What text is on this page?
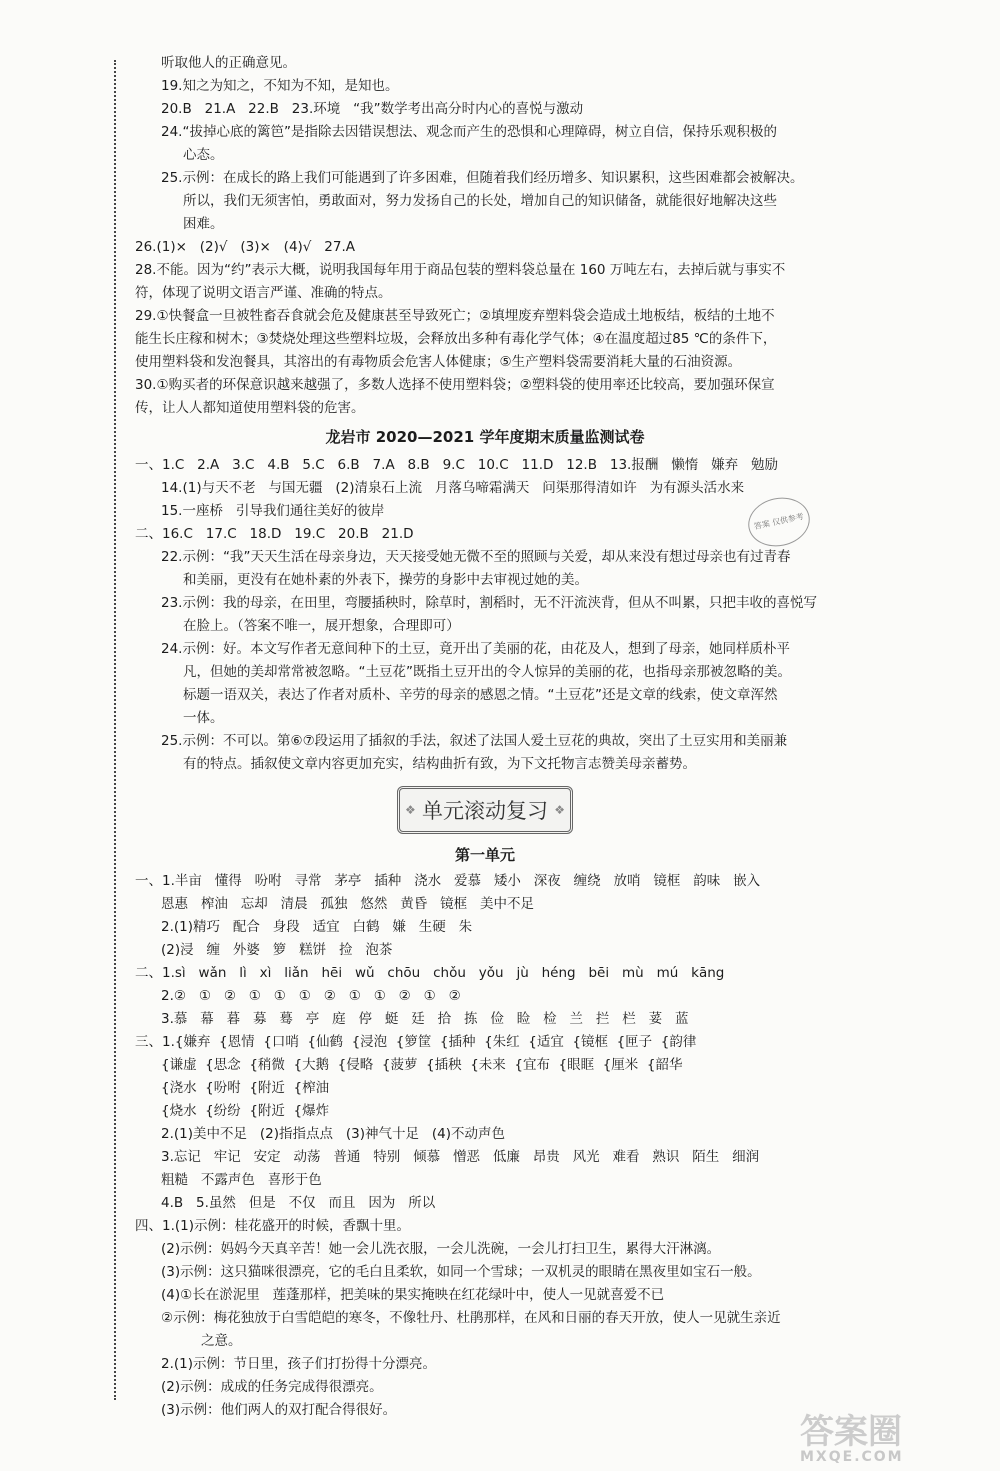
听取他人的正确意见。
19.知之为知之，不知为不知，是知也。
20.B   21.A   22.B   23.环境   “我”数学考出高分时内心的喜悦与激动
24.“拔掉心底的篱笆”是指除去因错误想法、观念而产生的恐惧和心理障碍，树立自信，保持乐观积极的
心态。
25.示例：在成长的路上我们可能遇到了许多困难，但随着我们经历增多、知识累积，这些困难都会被解决。
所以，我们无须害怕，勇敢面对，努力发扬自己的长处，增加自己的知识储备，就能很好地解决这些
困难。
26.(1)×   (2)√   (3)×   (4)√   27.A
28.不能。因为“约”表示大概，说明我国每年用于商品包装的塑料袋总量在 160 万吨左右，去掉后就与事实不
符，体现了说明文语言严谨、准确的特点。
29.①快餐盒一旦被牲畜吞食就会危及健康甚至导致死亡；②填埋废弃塑料袋会造成土地板结，板结的土地不
能生长庄稼和树木；③焚烧处理这些塑料垃圾，会释放出多种有毒化学气体；④在温度超过85 ℃的条件下，
使用塑料袋和发泡餐具，其溶出的有毒物质会危害人体健康；⑤生产塑料袋需要消耗大量的石油资源。
30.①购买者的环保意识越来越强了，多数人选择不使用塑料袋；②塑料袋的使用率还比较高，要加强环保宣
传，让人人都知道使用塑料袋的危害。
龙岩市 2020—2021 学年度期末质量监测试卷
一、1.C   2.A   3.C   4.B   5.C   6.B   7.A   8.B   9.C   10.C   11.D   12.B   13.报酬   懒惰   嫌弃   勉励
14.(1)与天不老   与国无疆   (2)清泉石上流   月落乌啼霜满天   问渠那得清如许   为有源头活水来
15.一座桥   引导我们通往美好的彼岸
二、16.C   17.C   18.D   19.C   20.B   21.D
22.示例：“我”天天生活在母亲身边，天天接受她无微不至的照顾与关爱，却从来没有想过母亲也有过青春
和美丽，更没有在她朴素的外表下，操劳的身影中去审视过她的美。
23.示例：我的母亲，在田里，弯腰插秧时，除草时，割稻时，无不汗流浃背，但从不叫累，只把丰收的喜悦写
在脸上。（答案不唯一，展开想象，合理即可）
24.示例：好。本文写作者无意间种下的土豆，竟开出了美丽的花，由花及人，想到了母亲，她同样质朴平
凡，但她的美却常常被忽略。“土豆花”既指土豆开出的令人惊异的美丽的花，也指母亲那被忽略的美。
标题一语双关，表达了作者对质朴、辛劳的母亲的感恩之情。“土豆花”还是文章的线索，使文章浑然
一体。
25.示例：不可以。第⑥⑦段运用了插叙的手法，叙述了法国人爱土豆花的典故，突出了土豆实用和美丽兼
有的特点。插叙使文章内容更加充实，结构曲折有致，为下文托物言志赞美母亲蓄势。
❖ 单元滚动复习 ❖
第一单元
一、1.半亩   懂得   吩咐   寻常   茅亭   插种   浇水   爱慕   矮小   深夜   缠绕   放哨   镜框   韵味   嵌入
恩惠   榨油   忘却   清晨   孤独   悠然   黄昏   镜框   美中不足
2.(1)精巧   配合   身段   适宜   白鹤   嫌   生硬   朱
(2)浸   缠   外婆   箩   糕饼   捡   泡茶
二、1.sì   wǎn   lì   xì   liǎn   hēi   wǔ   chōu   chǒu   yǒu   jù   héng   bēi   mù   mú   kāng
2.②   ①   ②   ①   ①   ①   ②   ①   ①   ②   ①   ②
3.慕   幕   暮   募   蓦   亭   庭   停   蜓   廷   拾   拣   俭   睑   检   兰   拦   栏   荽   蓝
三、1.{嫌弃  {恩情  {口哨  {仙鹤  {浸泡  {箩筐  {插种  {朱红  {适宜  {镜框  {匣子  {韵律
{谦虚  {思念  {稍微  {大鹅  {侵略  {菠萝  {插秧  {未来  {宜布  {眼眶  {厘米  {韶华
{浇水  {吩咐  {附近  {榨油
{烧水  {纷纷  {附近  {爆炸
2.(1)美中不足   (2)指指点点   (3)神气十足   (4)不动声色
3.忘记   牢记   安定   动荡   普通   特别   倾慕   憎恶   低廉   昂贵   风光   难看   熟识   陌生   细润
粗糙   不露声色   喜形于色
4.B   5.虽然   但是   不仅   而且   因为   所以
四、1.(1)示例：桂花盛开的时候，香飘十里。
(2)示例：妈妈今天真辛苦！她一会儿洗衣服，一会儿洗碗，一会儿打扫卫生，累得大汗淋漓。
(3)示例：这只猫咪很漂亮，它的毛白且柔软，如同一个雪球；一双机灵的眼睛在黑夜里如宝石一般。
(4)①长在淤泥里   莲蓬那样，把美味的果实掩映在红花绿叶中，使人一见就喜爱不已
②示例：梅花独放于白雪皑皑的寒冬，不像牡丹、杜鹃那样，在风和日丽的春天开放，使人一见就生亲近
之意。
2.(1)示例：节日里，孩子们打扮得十分漂亮。
(2)示例：成成的任务完成得很漂亮。
(3)示例：他们两人的双打配合得很好。
答案 仅供参考
答案圈
MXQE.COM
